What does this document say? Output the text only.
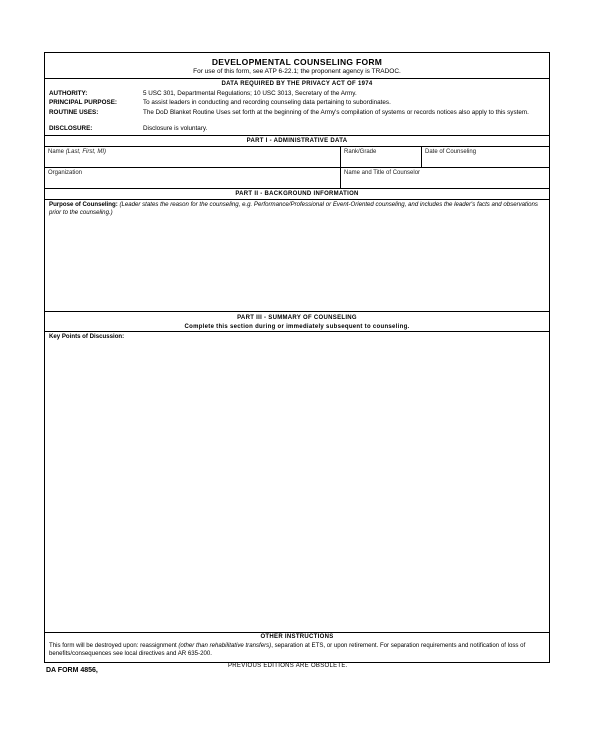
DEVELOPMENTAL COUNSELING FORM
For use of this form, see ATP 6-22.1; the proponent agency is TRADOC.
DATA REQUIRED BY THE PRIVACY ACT OF 1974
AUTHORITY:	5 USC 301, Departmental Regulations; 10 USC 3013, Secretary of the Army.
PRINCIPAL PURPOSE:	To assist leaders in conducting and recording counseling data pertaining to subordinates.
ROUTINE USES:	The DoD Blanket Routine Uses set forth at the beginning of the Army's compilation of systems or records notices also apply to this system.
DISCLOSURE:	Disclosure is voluntary.
PART I - ADMINISTRATIVE DATA
Name (Last, First, MI)	Rank/Grade	Date of Counseling
Organization	Name and Title of Counselor
PART II - BACKGROUND INFORMATION
Purpose of Counseling: (Leader states the reason for the counseling, e.g. Performance/Professional or Event-Oriented counseling, and includes the leader's facts and observations prior to the counseling.)
PART III - SUMMARY OF COUNSELING
Complete this section during or immediately subsequent to counseling.
Key Points of Discussion:
OTHER INSTRUCTIONS
This form will be destroyed upon: reassignment (other than rehabilitative transfers), separation at ETS, or upon retirement. For separation requirements and notification of loss of benefits/consequences see local directives and AR 635-200.
DA FORM 4856,
PREVIOUS EDITIONS ARE OBSOLETE.
